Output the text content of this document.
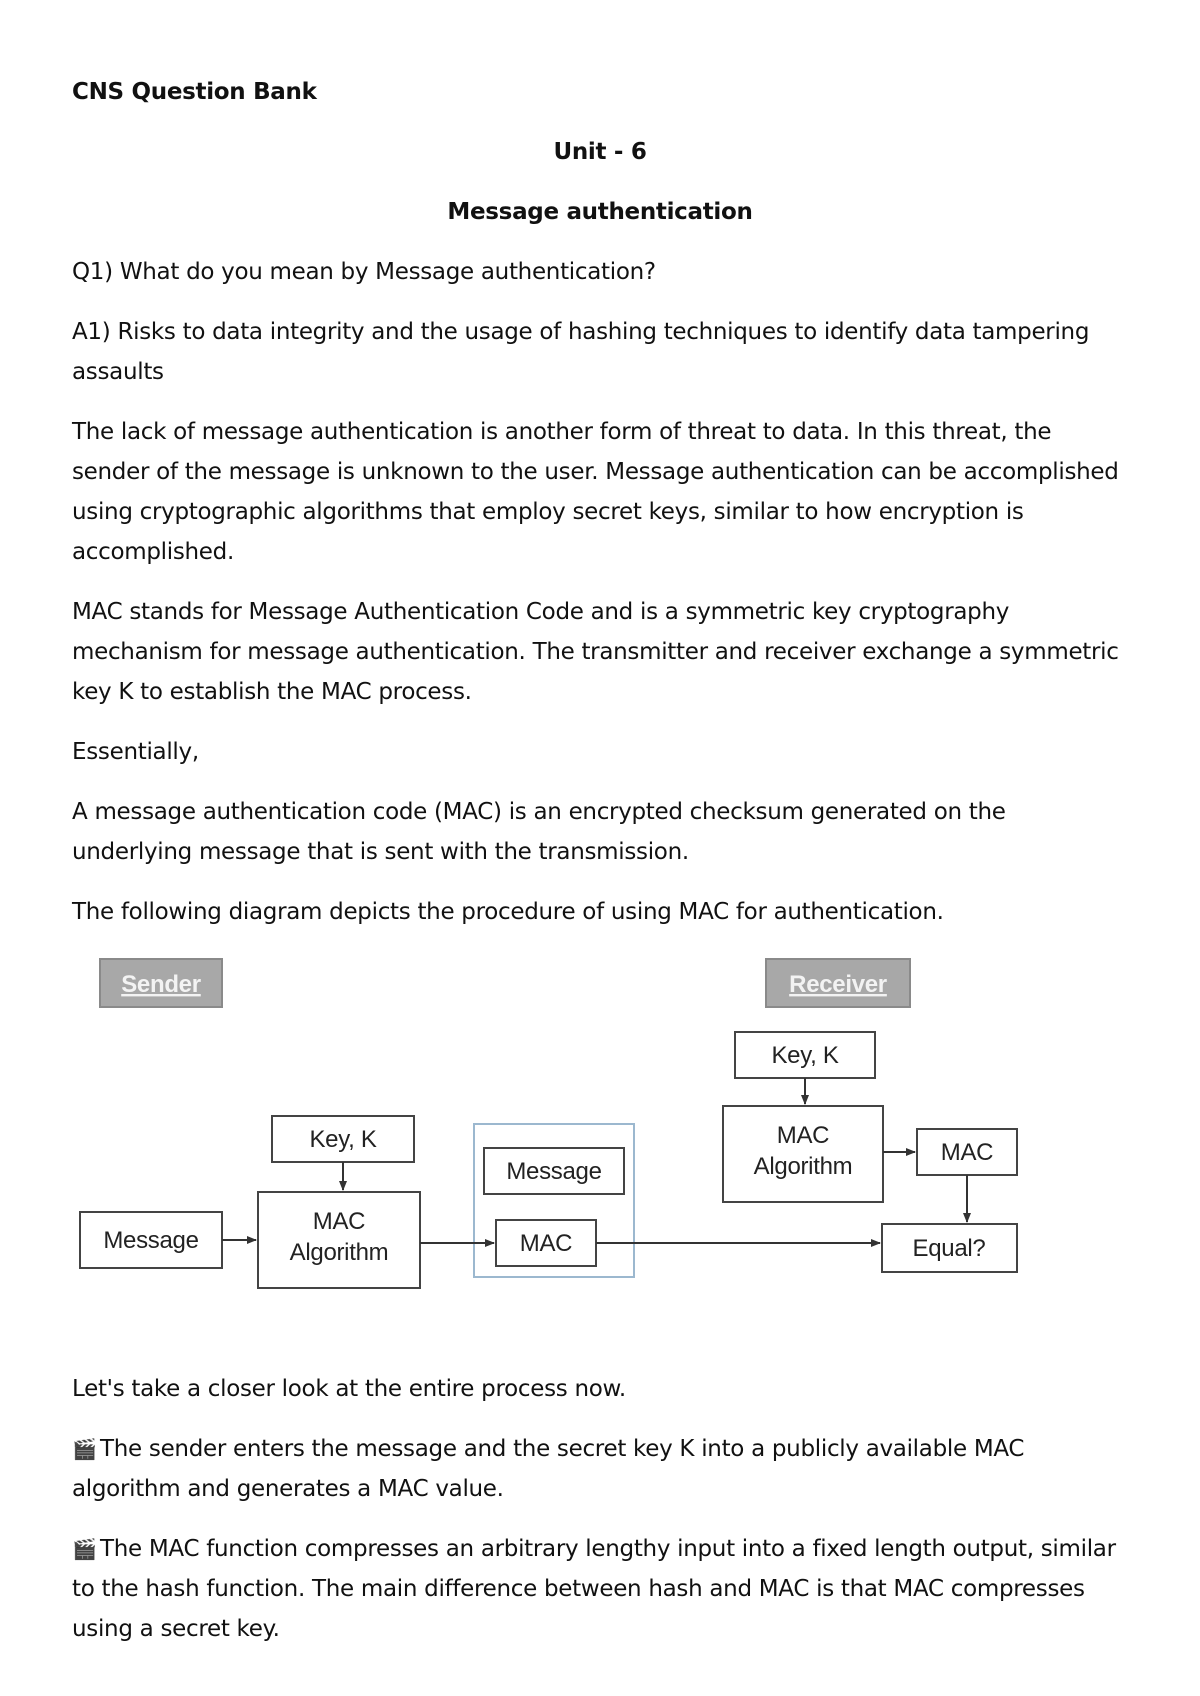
CNS Question Bank
Unit - 6
Message authentication

Q1) What do you mean by Message authentication?

A1) Risks to data integrity and the usage of hashing techniques to identify data tampering assaults

The lack of message authentication is another form of threat to data. In this threat, the sender of the message is unknown to the user. Message authentication can be accomplished using cryptographic algorithms that employ secret keys, similar to how encryption is accomplished.

MAC stands for Message Authentication Code and is a symmetric key cryptography mechanism for message authentication. The transmitter and receiver exchange a symmetric key K to establish the MAC process.

Essentially,

A message authentication code (MAC) is an encrypted checksum generated on the underlying message that is sent with the transmission.

The following diagram depicts the procedure of using MAC for authentication.

Sender	Receiver
Key, K
MAC
Algorithm
MAC
Equal?
Key, K
MAC
Algorithm
Message
Message
MAC

Let's take a closer look at the entire process now.

🎬 The sender enters the message and the secret key K into a publicly available MAC algorithm and generates a MAC value.

🎬 The MAC function compresses an arbitrary lengthy input into a fixed length output, similar to the hash function. The main difference between hash and MAC is that MAC compresses using a secret key.
